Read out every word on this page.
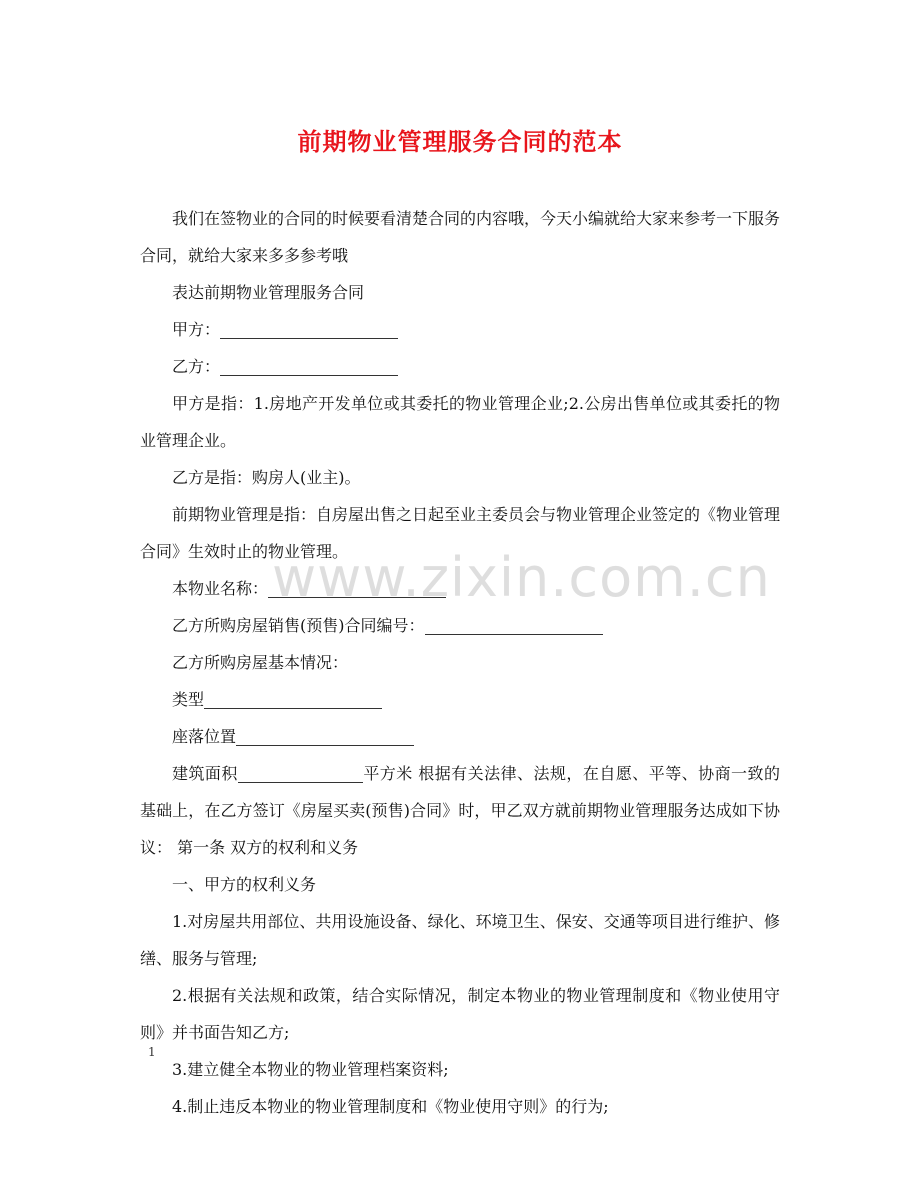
前期物业管理服务合同的范本

我们在签物业的合同的时候要看清楚合同的内容哦，今天小编就给大家来参考一下服务合同，就给大家来多多参考哦

表达前期物业管理服务合同

甲方：

乙方：

甲方是指：1.房地产开发单位或其委托的物业管理企业;2.公房出售单位或其委托的物业管理企业。

乙方是指：购房人(业主)。

前期物业管理是指：自房屋出售之日起至业主委员会与物业管理企业签定的《物业管理合同》生效时止的物业管理。

本物业名称：

乙方所购房屋销售(预售)合同编号：

乙方所购房屋基本情况：

类型

座落位置

建筑面积	平方米 根据有关法律、法规，在自愿、平等、协商一致的基础上，在乙方签订《房屋买卖(预售)合同》时，甲乙双方就前期物业管理服务达成如下协议： 第一条 双方的权利和义务

一、甲方的权利义务

1.对房屋共用部位、共用设施设备、绿化、环境卫生、保安、交通等项目进行维护、修缮、服务与管理;

2.根据有关法规和政策，结合实际情况，制定本物业的物业管理制度和《物业使用守则》并书面告知乙方;

3.建立健全本物业的物业管理档案资料;

4.制止违反本物业的物业管理制度和《物业使用守则》的行为;

www.zixin.com.cn
1
